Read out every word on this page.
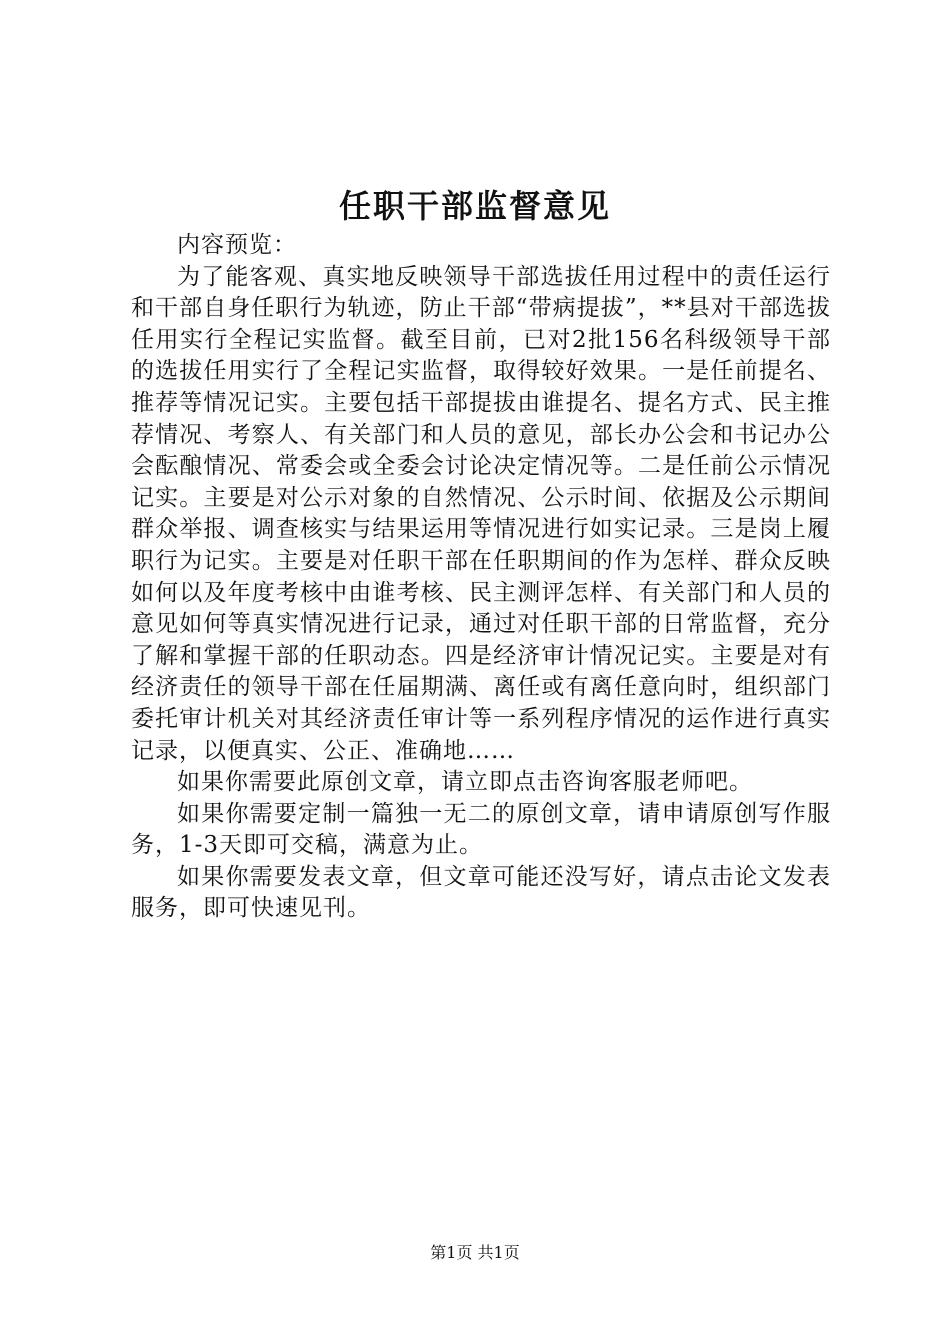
任职干部监督意见

内容预览：

为了能客观、真实地反映领导干部选拔任用过程中的责任运行和干部自身任职行为轨迹，防止干部“带病提拔”，**县对干部选拔任用实行全程记实监督。截至目前，已对2批156名科级领导干部的选拔任用实行了全程记实监督，取得较好效果。一是任前提名、推荐等情况记实。主要包括干部提拔由谁提名、提名方式、民主推荐情况、考察人、有关部门和人员的意见，部长办公会和书记办公会酝酿情况、常委会或全委会讨论决定情况等。二是任前公示情况记实。主要是对公示对象的自然情况、公示时间、依据及公示期间群众举报、调查核实与结果运用等情况进行如实记录。三是岗上履职行为记实。主要是对任职干部在任职期间的作为怎样、群众反映如何以及年度考核中由谁考核、民主测评怎样、有关部门和人员的意见如何等真实情况进行记录，通过对任职干部的日常监督，充分了解和掌握干部的任职动态。四是经济审计情况记实。主要是对有经济责任的领导干部在任届期满、离任或有离任意向时，组织部门委托审计机关对其经济责任审计等一系列程序情况的运作进行真实记录，以便真实、公正、准确地……

如果你需要此原创文章，请立即点击咨询客服老师吧。

如果你需要定制一篇独一无二的原创文章，请申请原创写作服务，1-3天即可交稿，满意为止。

如果你需要发表文章，但文章可能还没写好，请点击论文发表服务，即可快速见刊。

第1页 共1页
